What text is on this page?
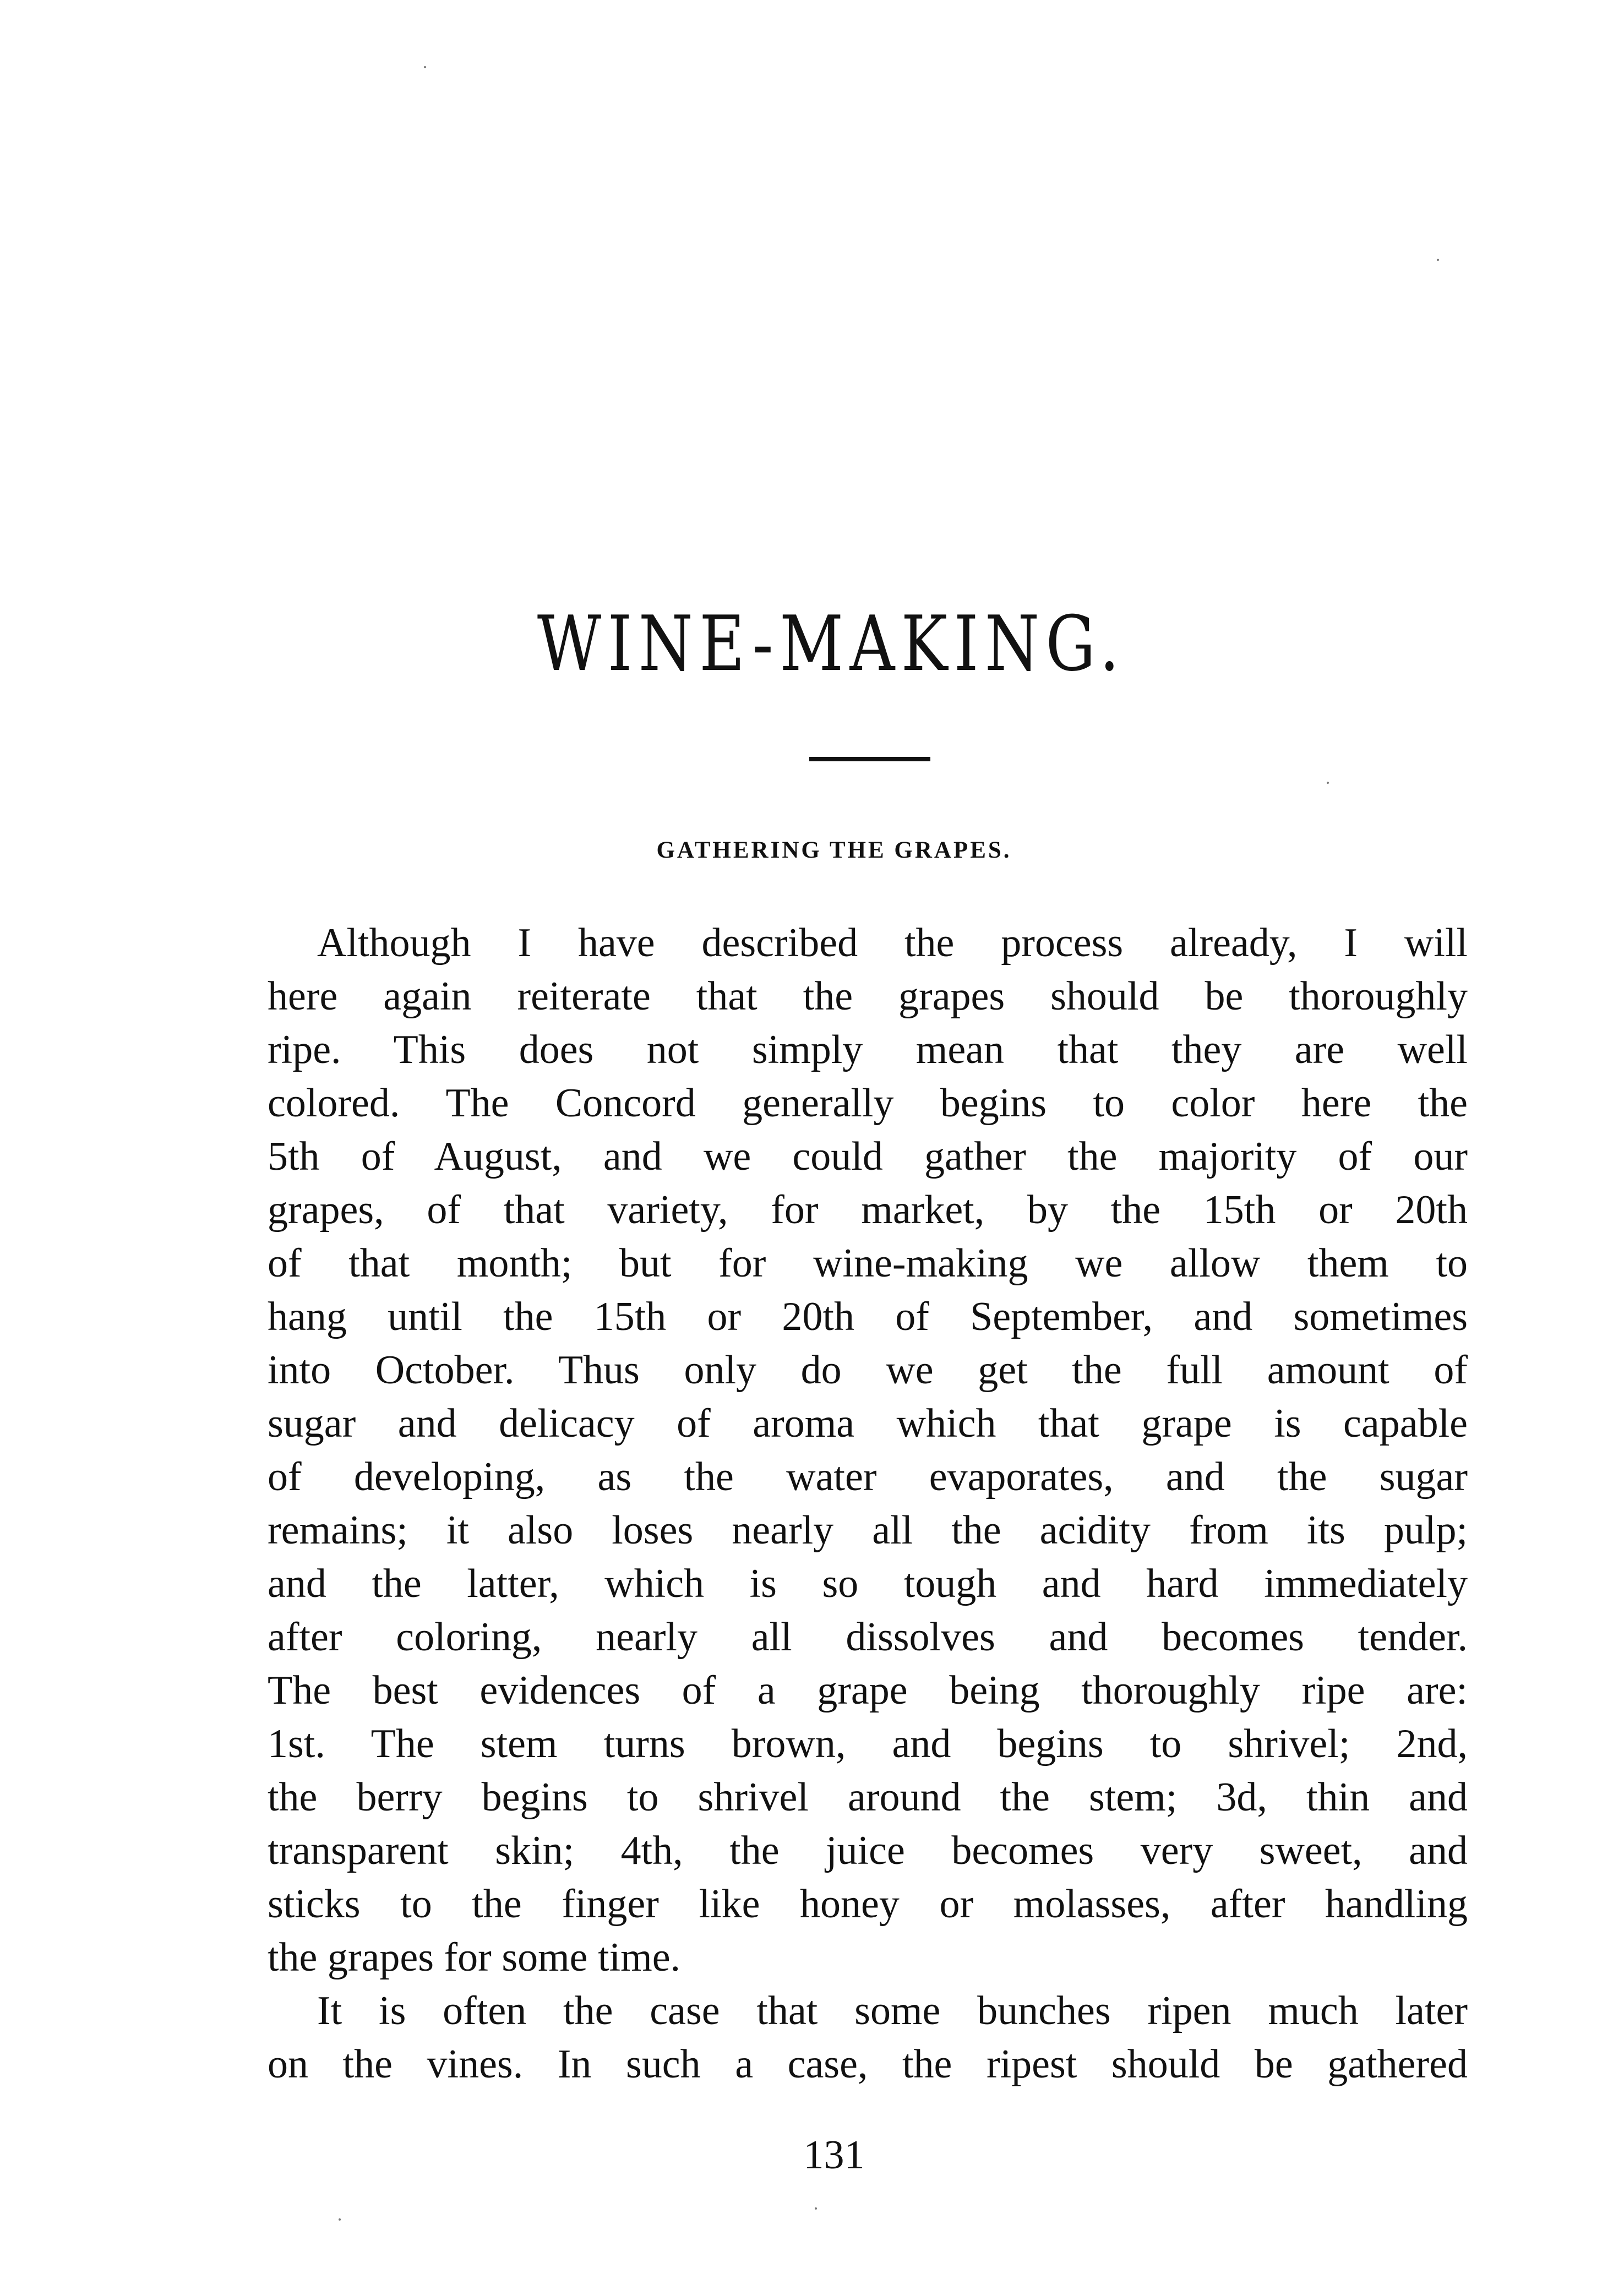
WINE-MAKING.
GATHERING THE GRAPES.

Although I have described the process already, I will

here again reiterate that the grapes should be thoroughly

ripe. This does not simply mean that they are well

colored. The Concord generally begins to color here the

5th of August, and we could gather the majority of our

grapes, of that variety, for market, by the 15th or 20th

of that month; but for wine-making we allow them to

hang until the 15th or 20th of September, and sometimes

into October. Thus only do we get the full amount of

sugar and delicacy of aroma which that grape is capable

of developing, as the water evaporates, and the sugar

remains; it also loses nearly all the acidity from its pulp;

and the latter, which is so tough and hard immediately

after coloring, nearly all dissolves and becomes tender.

The best evidences of a grape being thoroughly ripe are:

1st. The stem turns brown, and begins to shrivel; 2nd,

the berry begins to shrivel around the stem; 3d, thin and

transparent skin; 4th, the juice becomes very sweet, and

sticks to the finger like honey or molasses, after handling

the grapes for some time.

It is often the case that some bunches ripen much later

on the vines. In such a case, the ripest should be gathered

131
